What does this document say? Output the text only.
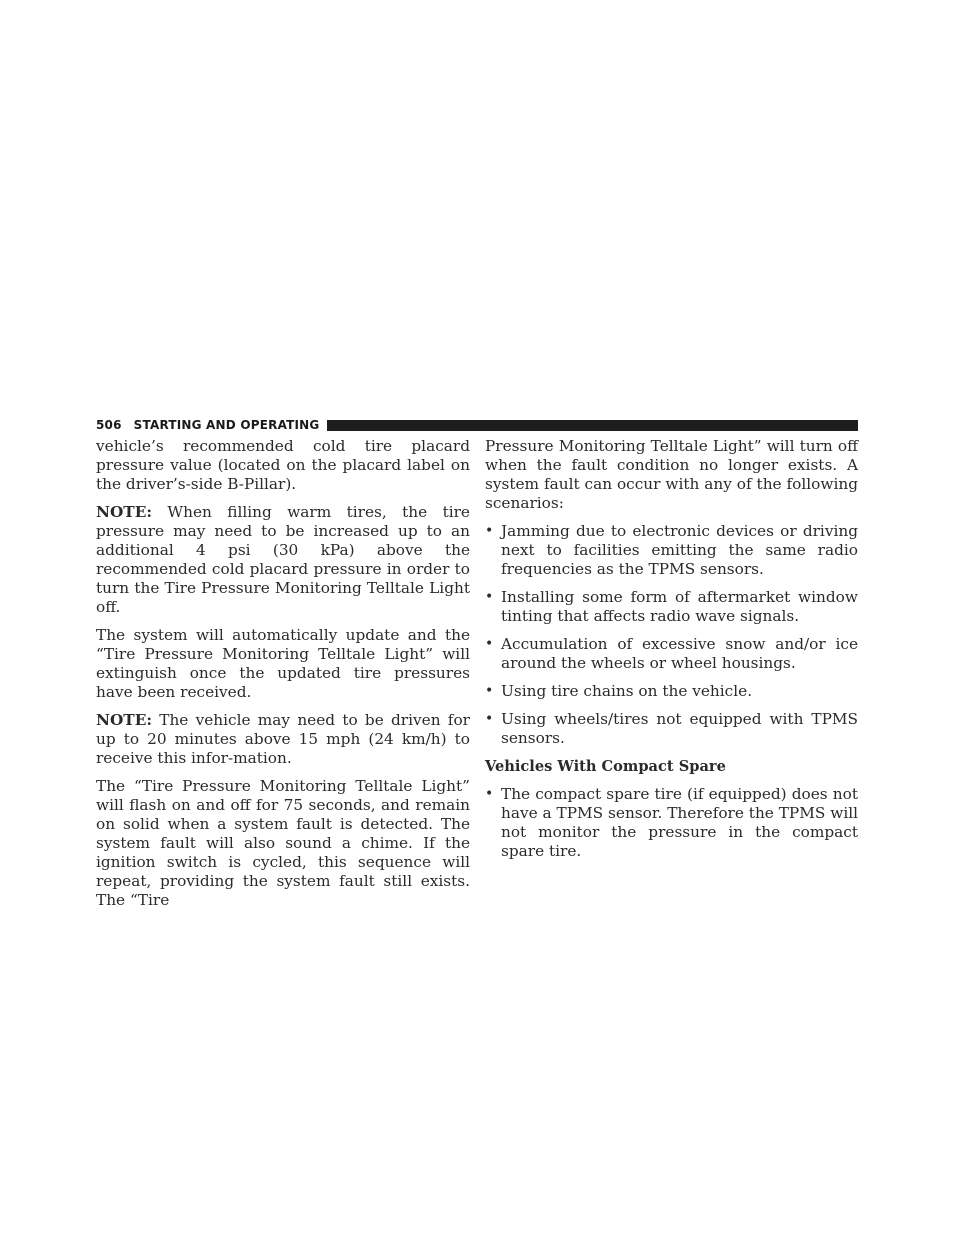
506 STARTING AND OPERATING

vehicle’s recommended cold tire placard pressure value (located on the placard label on the driver’s-side B-Pillar).

NOTE: When filling warm tires, the tire pressure may need to be increased up to an additional 4 psi (30 kPa) above the recommended cold placard pressure in order to turn the Tire Pressure Monitoring Telltale Light off.

The system will automatically update and the “Tire Pressure Monitoring Telltale Light” will extinguish once the updated tire pressures have been received.

NOTE: The vehicle may need to be driven for up to 20 minutes above 15 mph (24 km/h) to receive this infor-mation.

The “Tire Pressure Monitoring Telltale Light” will flash on and off for 75 seconds, and remain on solid when a system fault is detected. The system fault will also sound a chime. If the ignition switch is cycled, this sequence will repeat, providing the system fault still exists. The “Tire

Pressure Monitoring Telltale Light” will turn off when the fault condition no longer exists. A system fault can occur with any of the following scenarios:

• Jamming due to electronic devices or driving next to facilities emitting the same radio frequencies as the TPMS sensors.
• Installing some form of aftermarket window tinting that affects radio wave signals.
• Accumulation of excessive snow and/or ice around the wheels or wheel housings.
• Using tire chains on the vehicle.
• Using wheels/tires not equipped with TPMS sensors.
Vehicles With Compact Spare
• The compact spare tire (if equipped) does not have a TPMS sensor. Therefore the TPMS will not monitor the pressure in the compact spare tire.
